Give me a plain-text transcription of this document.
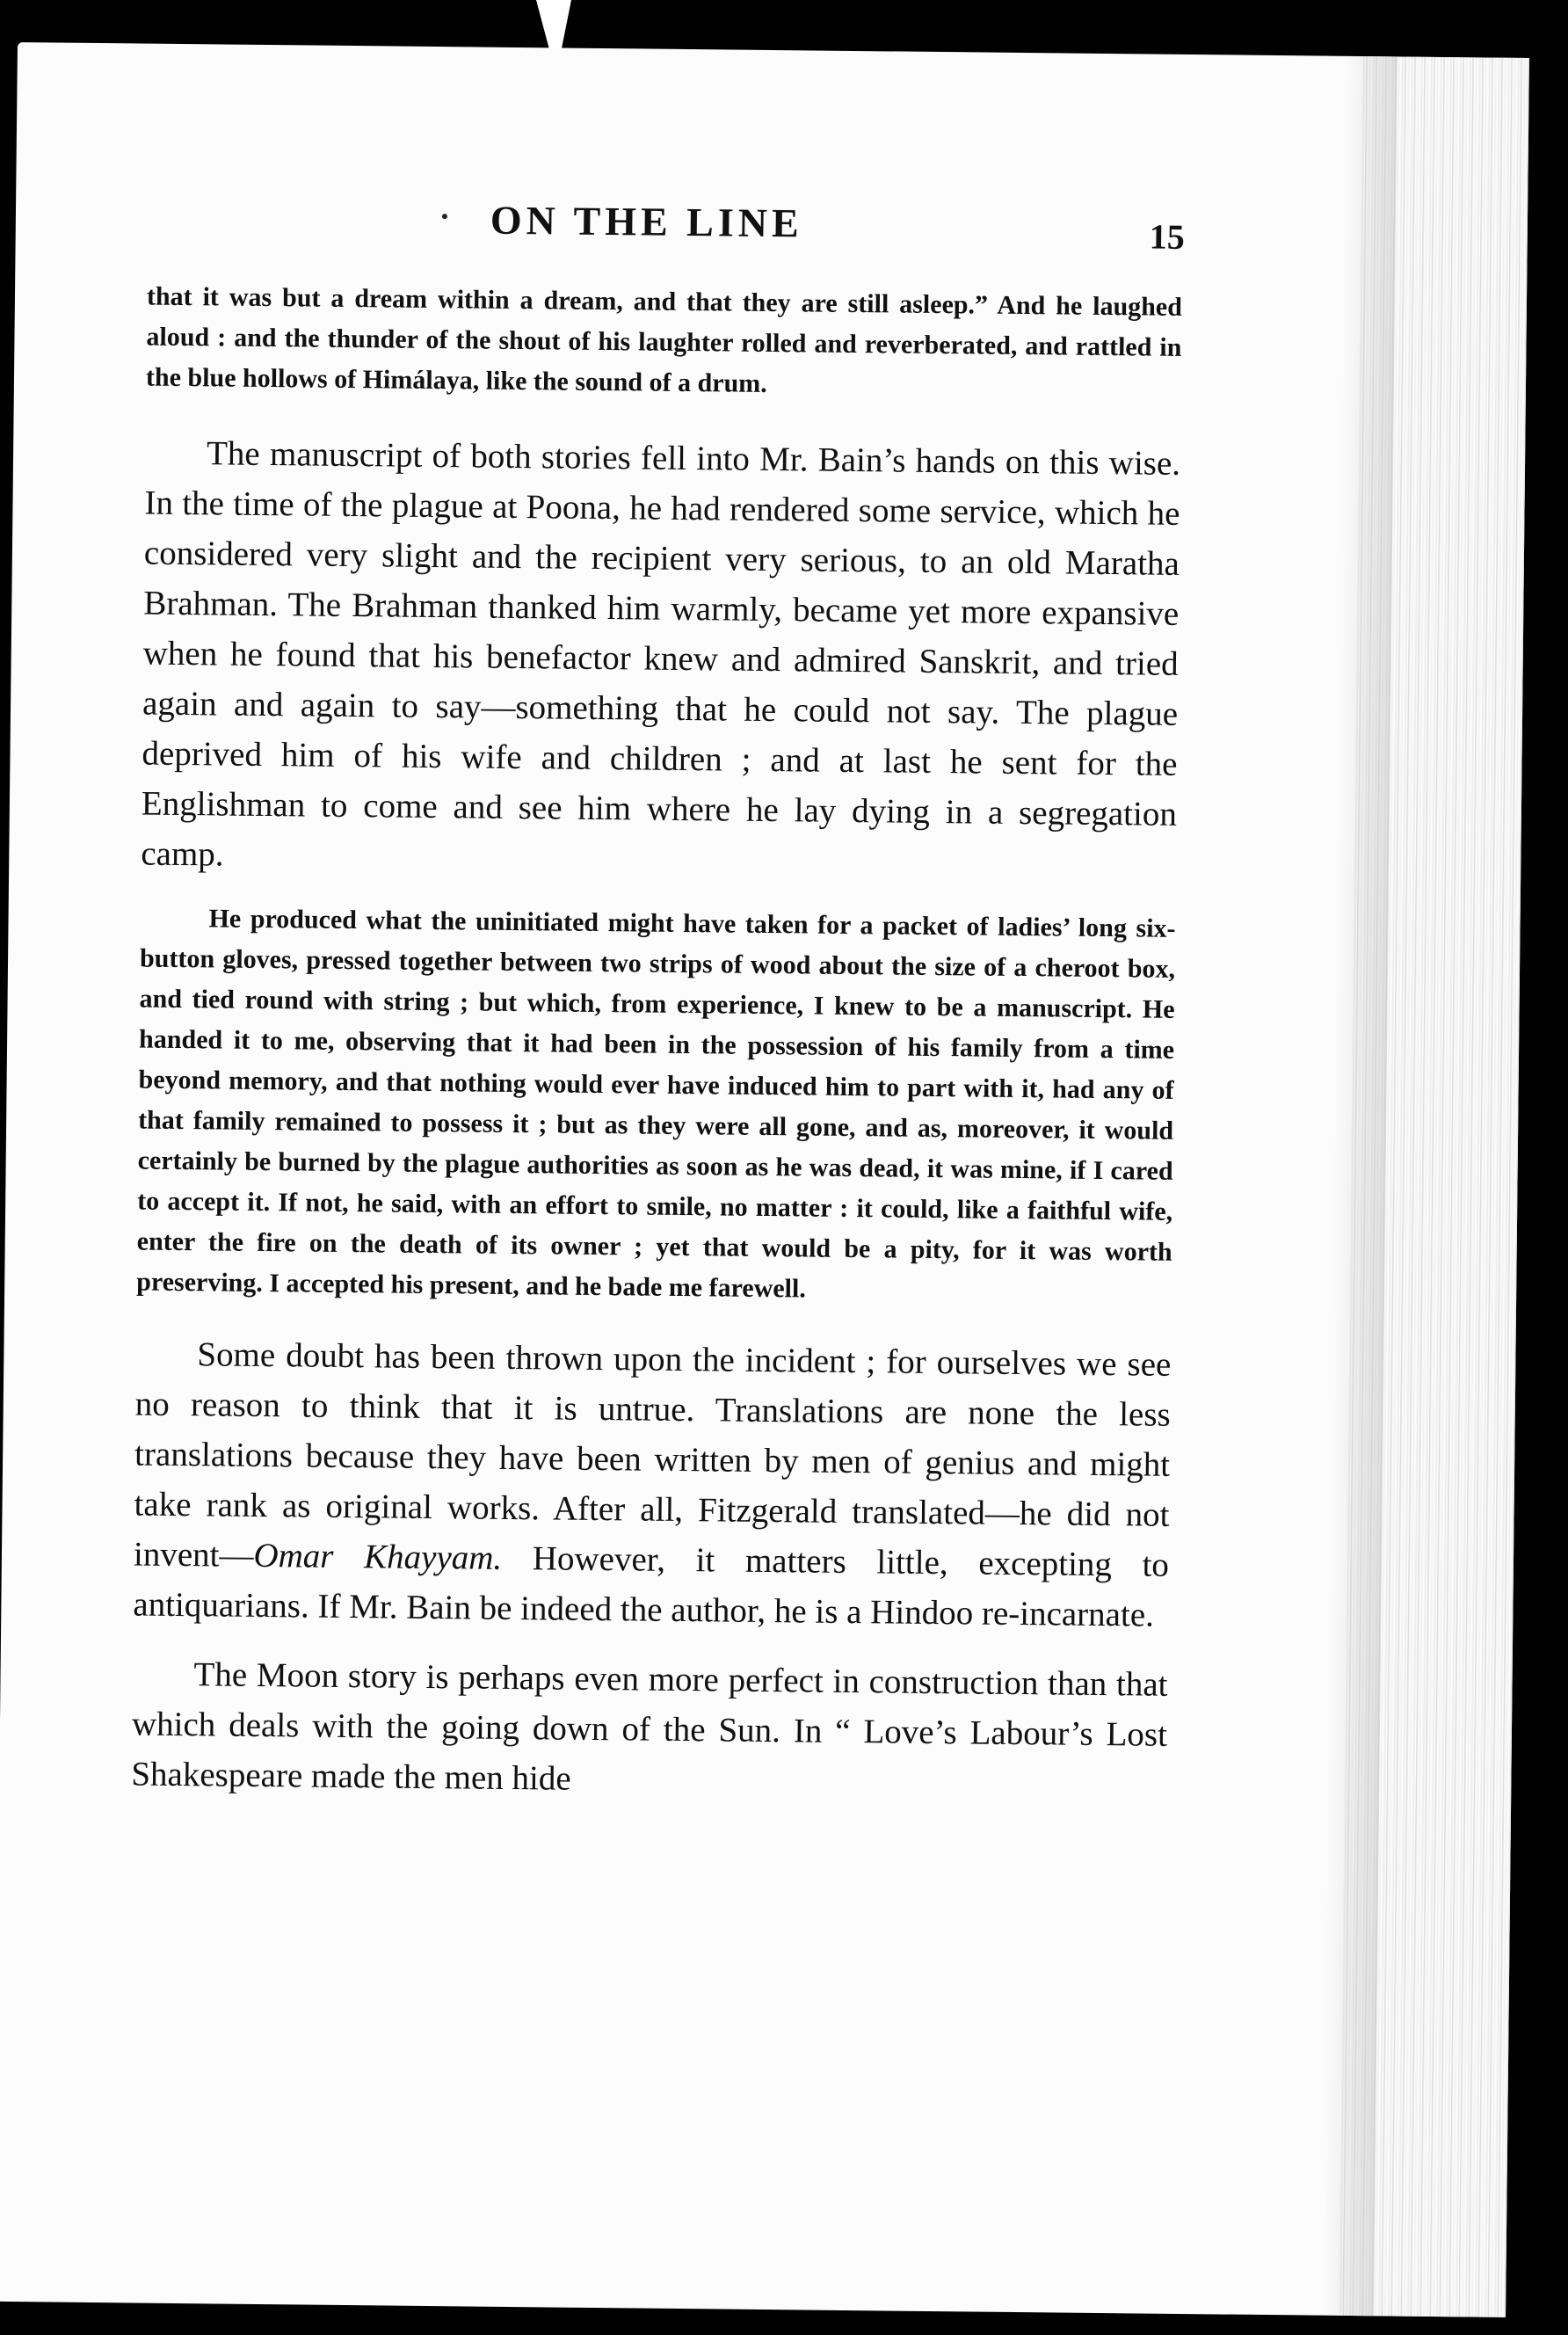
ON THE LINE	15

that it was but a dream within a dream, and that they are still asleep.” And he laughed aloud : and the thunder of the shout of his laughter rolled and reverberated, and rattled in the blue hollows of Himálaya, like the sound of a drum.

The manuscript of both stories fell into Mr. Bain’s hands on this wise. In the time of the plague at Poona, he had rendered some service, which he considered very slight and the recipient very serious, to an old Maratha Brahman. The Brahman thanked him warmly, became yet more expansive when he found that his benefactor knew and admired Sanskrit, and tried again and again to say—something that he could not say. The plague deprived him of his wife and children ; and at last he sent for the Englishman to come and see him where he lay dying in a segregation camp.

He produced what the uninitiated might have taken for a packet of ladies’ long six-button gloves, pressed together between two strips of wood about the size of a cheroot box, and tied round with string ; but which, from experience, I knew to be a manuscript. He handed it to me, observing that it had been in the possession of his family from a time beyond memory, and that nothing would ever have induced him to part with it, had any of that family remained to possess it ; but as they were all gone, and as, moreover, it would certainly be burned by the plague authorities as soon as he was dead, it was mine, if I cared to accept it. If not, he said, with an effort to smile, no matter : it could, like a faithful wife, enter the fire on the death of its owner ; yet that would be a pity, for it was worth preserving. I accepted his present, and he bade me farewell.

Some doubt has been thrown upon the incident ; for ourselves we see no reason to think that it is untrue. Translations are none the less translations because they have been written by men of genius and might take rank as original works. After all, Fitzgerald translated—he did not invent—Omar Khayyam. However, it matters little, excepting to antiquarians. If Mr. Bain be indeed the author, he is a Hindoo re-incarnate.

The Moon story is perhaps even more perfect in construction than that which deals with the going down of the Sun. In “ Love’s Labour’s Lost Shakespeare made the men hide
